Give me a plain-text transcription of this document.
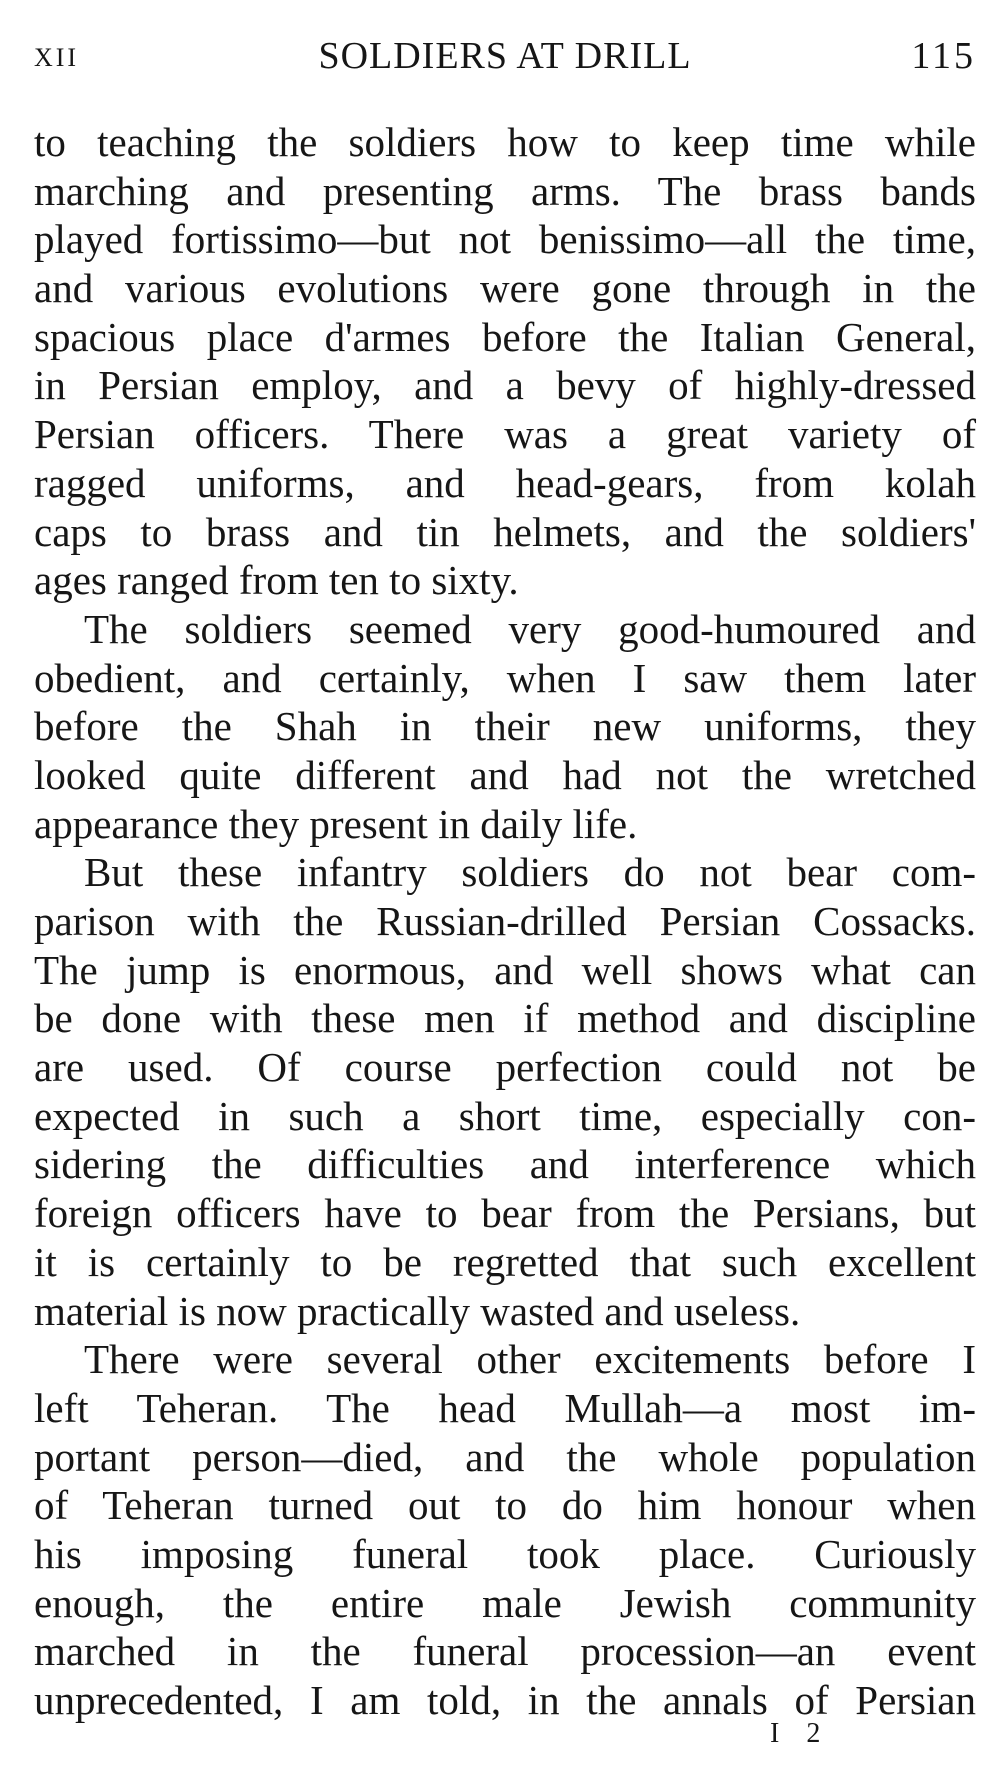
XII	SOLDIERS AT DRILL	115
to teaching the soldiers how to keep time while
marching and presenting arms. The brass bands
played fortissimo—but not benissimo—all the time,
and various evolutions were gone through in the
spacious place d'armes before the Italian General,
in Persian employ, and a bevy of highly-dressed
Persian officers. There was a great variety of
ragged uniforms, and head-gears, from kolah
caps to brass and tin helmets, and the soldiers'
ages ranged from ten to sixty.
The soldiers seemed very good-humoured and
obedient, and certainly, when I saw them later
before the Shah in their new uniforms, they
looked quite different and had not the wretched
appearance they present in daily life.
But these infantry soldiers do not bear com-
parison with the Russian-drilled Persian Cossacks.
The jump is enormous, and well shows what can
be done with these men if method and discipline
are used. Of course perfection could not be
expected in such a short time, especially con-
sidering the difficulties and interference which
foreign officers have to bear from the Persians, but
it is certainly to be regretted that such excellent
material is now practically wasted and useless.
There were several other excitements before I
left Teheran. The head Mullah—a most im-
portant person—died, and the whole population
of Teheran turned out to do him honour when
his imposing funeral took place. Curiously
enough, the entire male Jewish community
marched in the funeral procession—an event
unprecedented, I am told, in the annals of Persian
I 2
